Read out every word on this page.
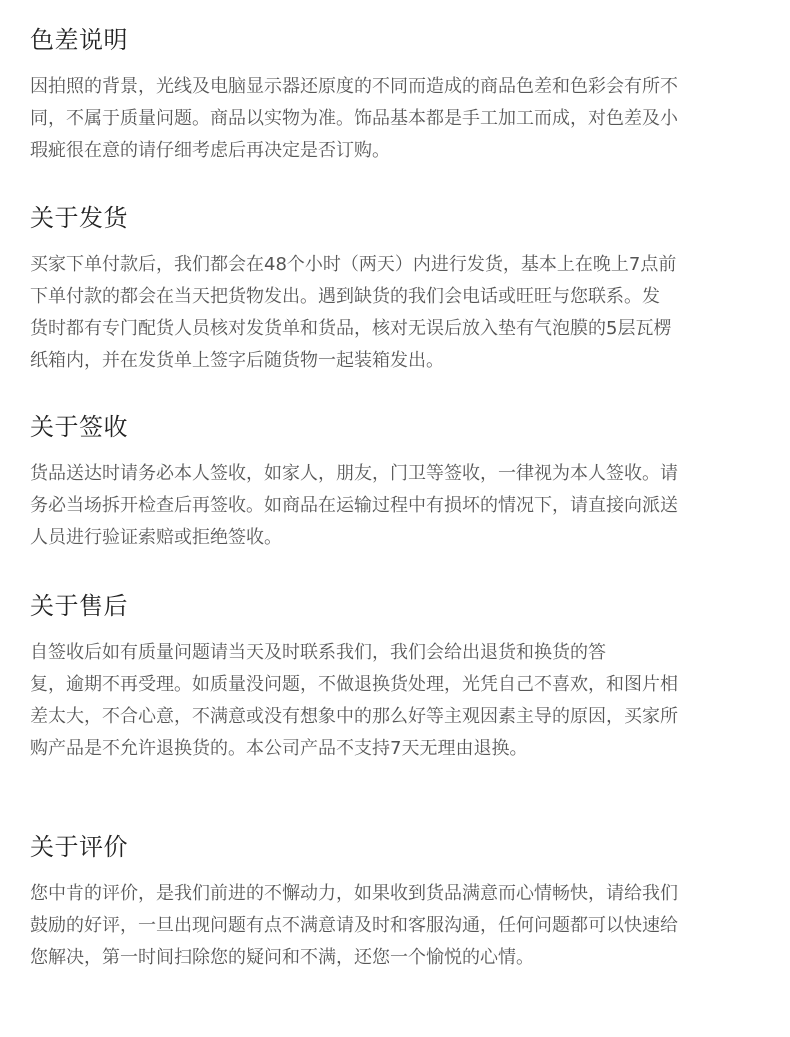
色差说明

因拍照的背景，光线及电脑显示器还原度的不同而造成的商品色差和色彩会有所不
同，不属于质量问题。商品以实物为准。饰品基本都是手工加工而成，对色差及小
瑕疵很在意的请仔细考虑后再决定是否订购。

关于发货

买家下单付款后，我们都会在48个小时（两天）内进行发货，基本上在晚上7点前
下单付款的都会在当天把货物发出。遇到缺货的我们会电话或旺旺与您联系。发
货时都有专门配货人员核对发货单和货品，核对无误后放入垫有气泡膜的5层瓦楞
纸箱内，并在发货单上签字后随货物一起装箱发出。

关于签收

货品送达时请务必本人签收，如家人，朋友，门卫等签收，一律视为本人签收。请
务必当场拆开检查后再签收。如商品在运输过程中有损坏的情况下，请直接向派送
人员进行验证索赔或拒绝签收。

关于售后

自签收后如有质量问题请当天及时联系我们，我们会给出退货和换货的答
复，逾期不再受理。如质量没问题，不做退换货处理，光凭自己不喜欢，和图片相
差太大，不合心意，不满意或没有想象中的那么好等主观因素主导的原因，买家所
购产品是不允许退换货的。本公司产品不支持7天无理由退换。

关于评价

您中肯的评价，是我们前进的不懈动力，如果收到货品满意而心情畅快，请给我们
鼓励的好评，一旦出现问题有点不满意请及时和客服沟通，任何问题都可以快速给
您解决，第一时间扫除您的疑问和不满，还您一个愉悦的心情。
